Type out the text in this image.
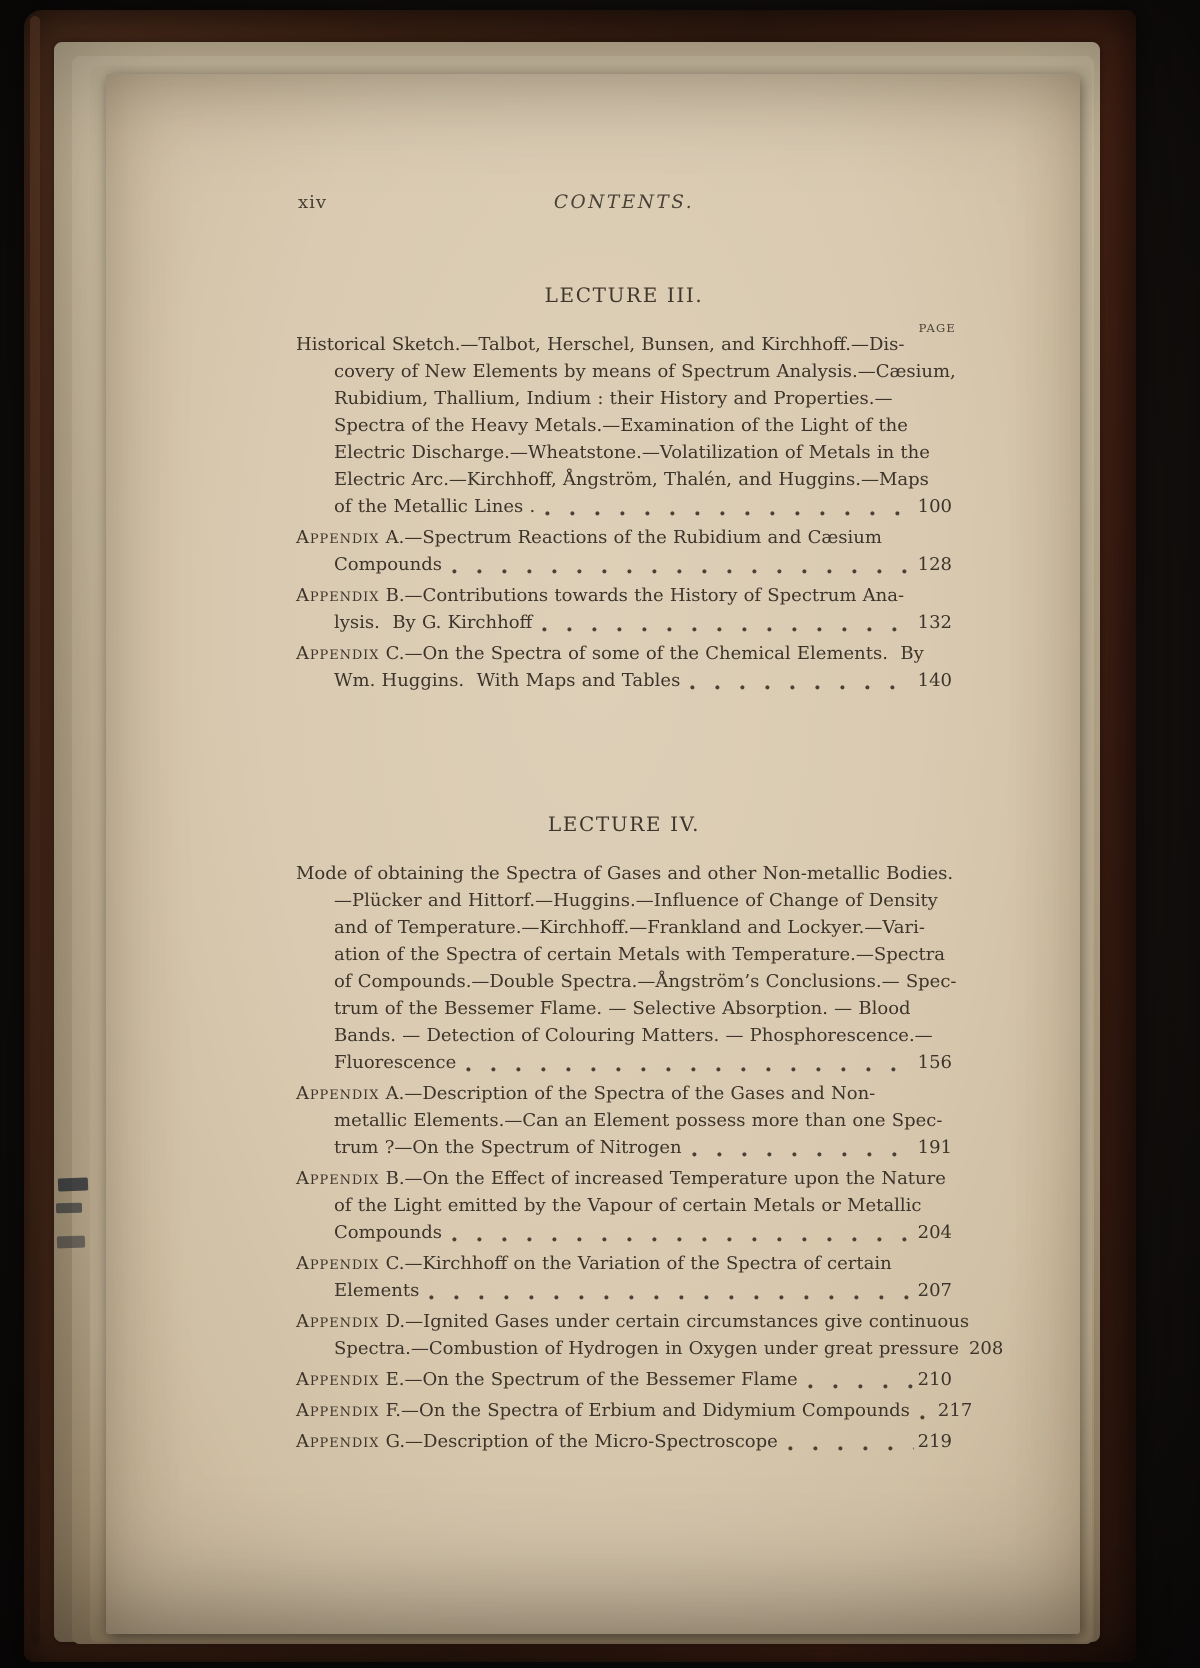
xiv	CONTENTS.
LECTURE III.
PAGE
Historical Sketch.—Talbot, Herschel, Bunsen, and Kirchhoff.—Dis-
covery of New Elements by means of Spectrum Analysis.—Cæsium,
Rubidium, Thallium, Indium : their History and Properties.—
Spectra of the Heavy Metals.—Examination of the Light of the
Electric Discharge.—Wheatstone.—Volatilization of Metals in the
Electric Arc.—Kirchhoff, Ångström, Thalén, and Huggins.—Maps
of the Metallic Lines .	100
Appendix A.—Spectrum Reactions of the Rubidium and Cæsium
Compounds	128
Appendix B.—Contributions towards the History of Spectrum Ana-
lysis.  By G. Kirchhoff	132
Appendix C.—On the Spectra of some of the Chemical Elements.  By
Wm. Huggins.  With Maps and Tables	140
LECTURE IV.
Mode of obtaining the Spectra of Gases and other Non-metallic Bodies.
—Plücker and Hittorf.—Huggins.—Influence of Change of Density
and of Temperature.—Kirchhoff.—Frankland and Lockyer.—Vari-
ation of the Spectra of certain Metals with Temperature.—Spectra
of Compounds.—Double Spectra.—Ångström’s Conclusions.— Spec-
trum of the Bessemer Flame. — Selective Absorption. — Blood
Bands. — Detection of Colouring Matters. — Phosphorescence.—
Fluorescence	156
Appendix A.—Description of the Spectra of the Gases and Non-
metallic Elements.—Can an Element possess more than one Spec-
trum ?—On the Spectrum of Nitrogen	191
Appendix B.—On the Effect of increased Temperature upon the Nature
of the Light emitted by the Vapour of certain Metals or Metallic
Compounds	204
Appendix C.—Kirchhoff on the Variation of the Spectra of certain
Elements	207
Appendix D.—Ignited Gases under certain circumstances give continuous
Spectra.—Combustion of Hydrogen in Oxygen under great pressure 208
Appendix E.—On the Spectrum of the Bessemer Flame	210
Appendix F.—On the Spectra of Erbium and Didymium Compounds 217
Appendix G.—Description of the Micro-Spectroscope	219
